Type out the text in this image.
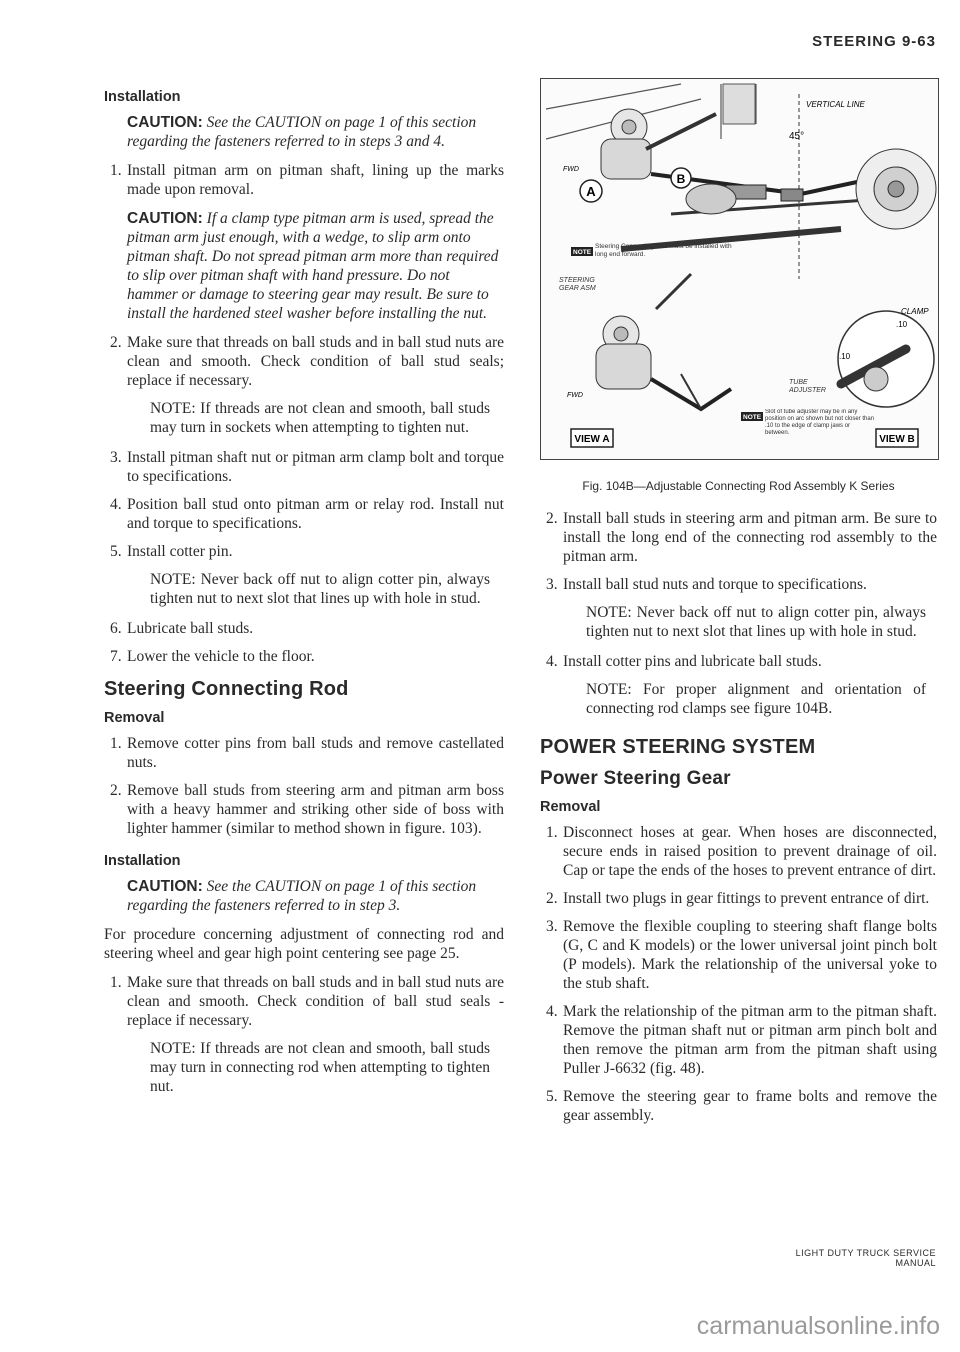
STEERING 9-63
Installation
CAUTION: See the CAUTION on page 1 of this section regarding the fasteners referred to in steps 3 and 4.
1. Install pitman arm on pitman shaft, lining up the marks made upon removal.
CAUTION: If a clamp type pitman arm is used, spread the pitman arm just enough, with a wedge, to slip arm onto pitman shaft. Do not spread pitman arm more than required to slip over pitman shaft with hand pressure. Do not hammer or damage to steering gear may result. Be sure to install the hardened steel washer before installing the nut.
2. Make sure that threads on ball studs and in ball stud nuts are clean and smooth. Check condition of ball stud seals; replace if necessary.
NOTE: If threads are not clean and smooth, ball studs may turn in sockets when attempting to tighten nut.
3. Install pitman shaft nut or pitman arm clamp bolt and torque to specifications.
4. Position ball stud onto pitman arm or relay rod. Install nut and torque to specifications.
5. Install cotter pin.
NOTE: Never back off nut to align cotter pin, always tighten nut to next slot that lines up with hole in stud.
6. Lubricate ball studs.
7. Lower the vehicle to the floor.
Steering Connecting Rod
Removal
1. Remove cotter pins from ball studs and remove castellated nuts.
2. Remove ball studs from steering arm and pitman arm boss with a heavy hammer and striking other side of boss with lighter hammer (similar to method shown in figure. 103).
Installation
CAUTION: See the CAUTION on page 1 of this section regarding the fasteners referred to in step 3.
For procedure concerning adjustment of connecting rod and steering wheel and gear high point centering see page 25.
1. Make sure that threads on ball studs and in ball stud nuts are clean and smooth. Check condition of ball stud seals - replace if necessary.
NOTE: If threads are not clean and smooth, ball studs may turn in connecting rod when attempting to tighten nut.
A
B
VERTICAL LINE
45°
FWD
NOTE
Steering Connecting Rod must be installed with long end forward.
STEERING GEAR ASM
FWD
CLAMP
.10
.10
TUBE ADJUSTER
NOTE
Slot of tube adjuster may be in any position on arc shown but not closer than .10 to the edge of clamp jaws or between.
VIEW A	VIEW B
Fig. 104B—Adjustable Connecting Rod Assembly K Series
2. Install ball studs in steering arm and pitman arm. Be sure to install the long end of the connecting rod assembly to the pitman arm.
3. Install ball stud nuts and torque to specifications.
NOTE: Never back off nut to align cotter pin, always tighten nut to next slot that lines up with hole in stud.
4. Install cotter pins and lubricate ball studs.
NOTE: For proper alignment and orientation of connecting rod clamps see figure 104B.
POWER STEERING SYSTEM
Power Steering Gear
Removal
1. Disconnect hoses at gear. When hoses are disconnected, secure ends in raised position to prevent drainage of oil. Cap or tape the ends of the hoses to prevent entrance of dirt.
2. Install two plugs in gear fittings to prevent entrance of dirt.
3. Remove the flexible coupling to steering shaft flange bolts (G, C and K models) or the lower universal joint pinch bolt (P models). Mark the relationship of the universal yoke to the stub shaft.
4. Mark the relationship of the pitman arm to the pitman shaft. Remove the pitman shaft nut or pitman arm pinch bolt and then remove the pitman arm from the pitman shaft using Puller J-6632 (fig. 48).
5. Remove the steering gear to frame bolts and remove the gear assembly.
LIGHT DUTY TRUCK SERVICE MANUAL
carmanualsonline.info
